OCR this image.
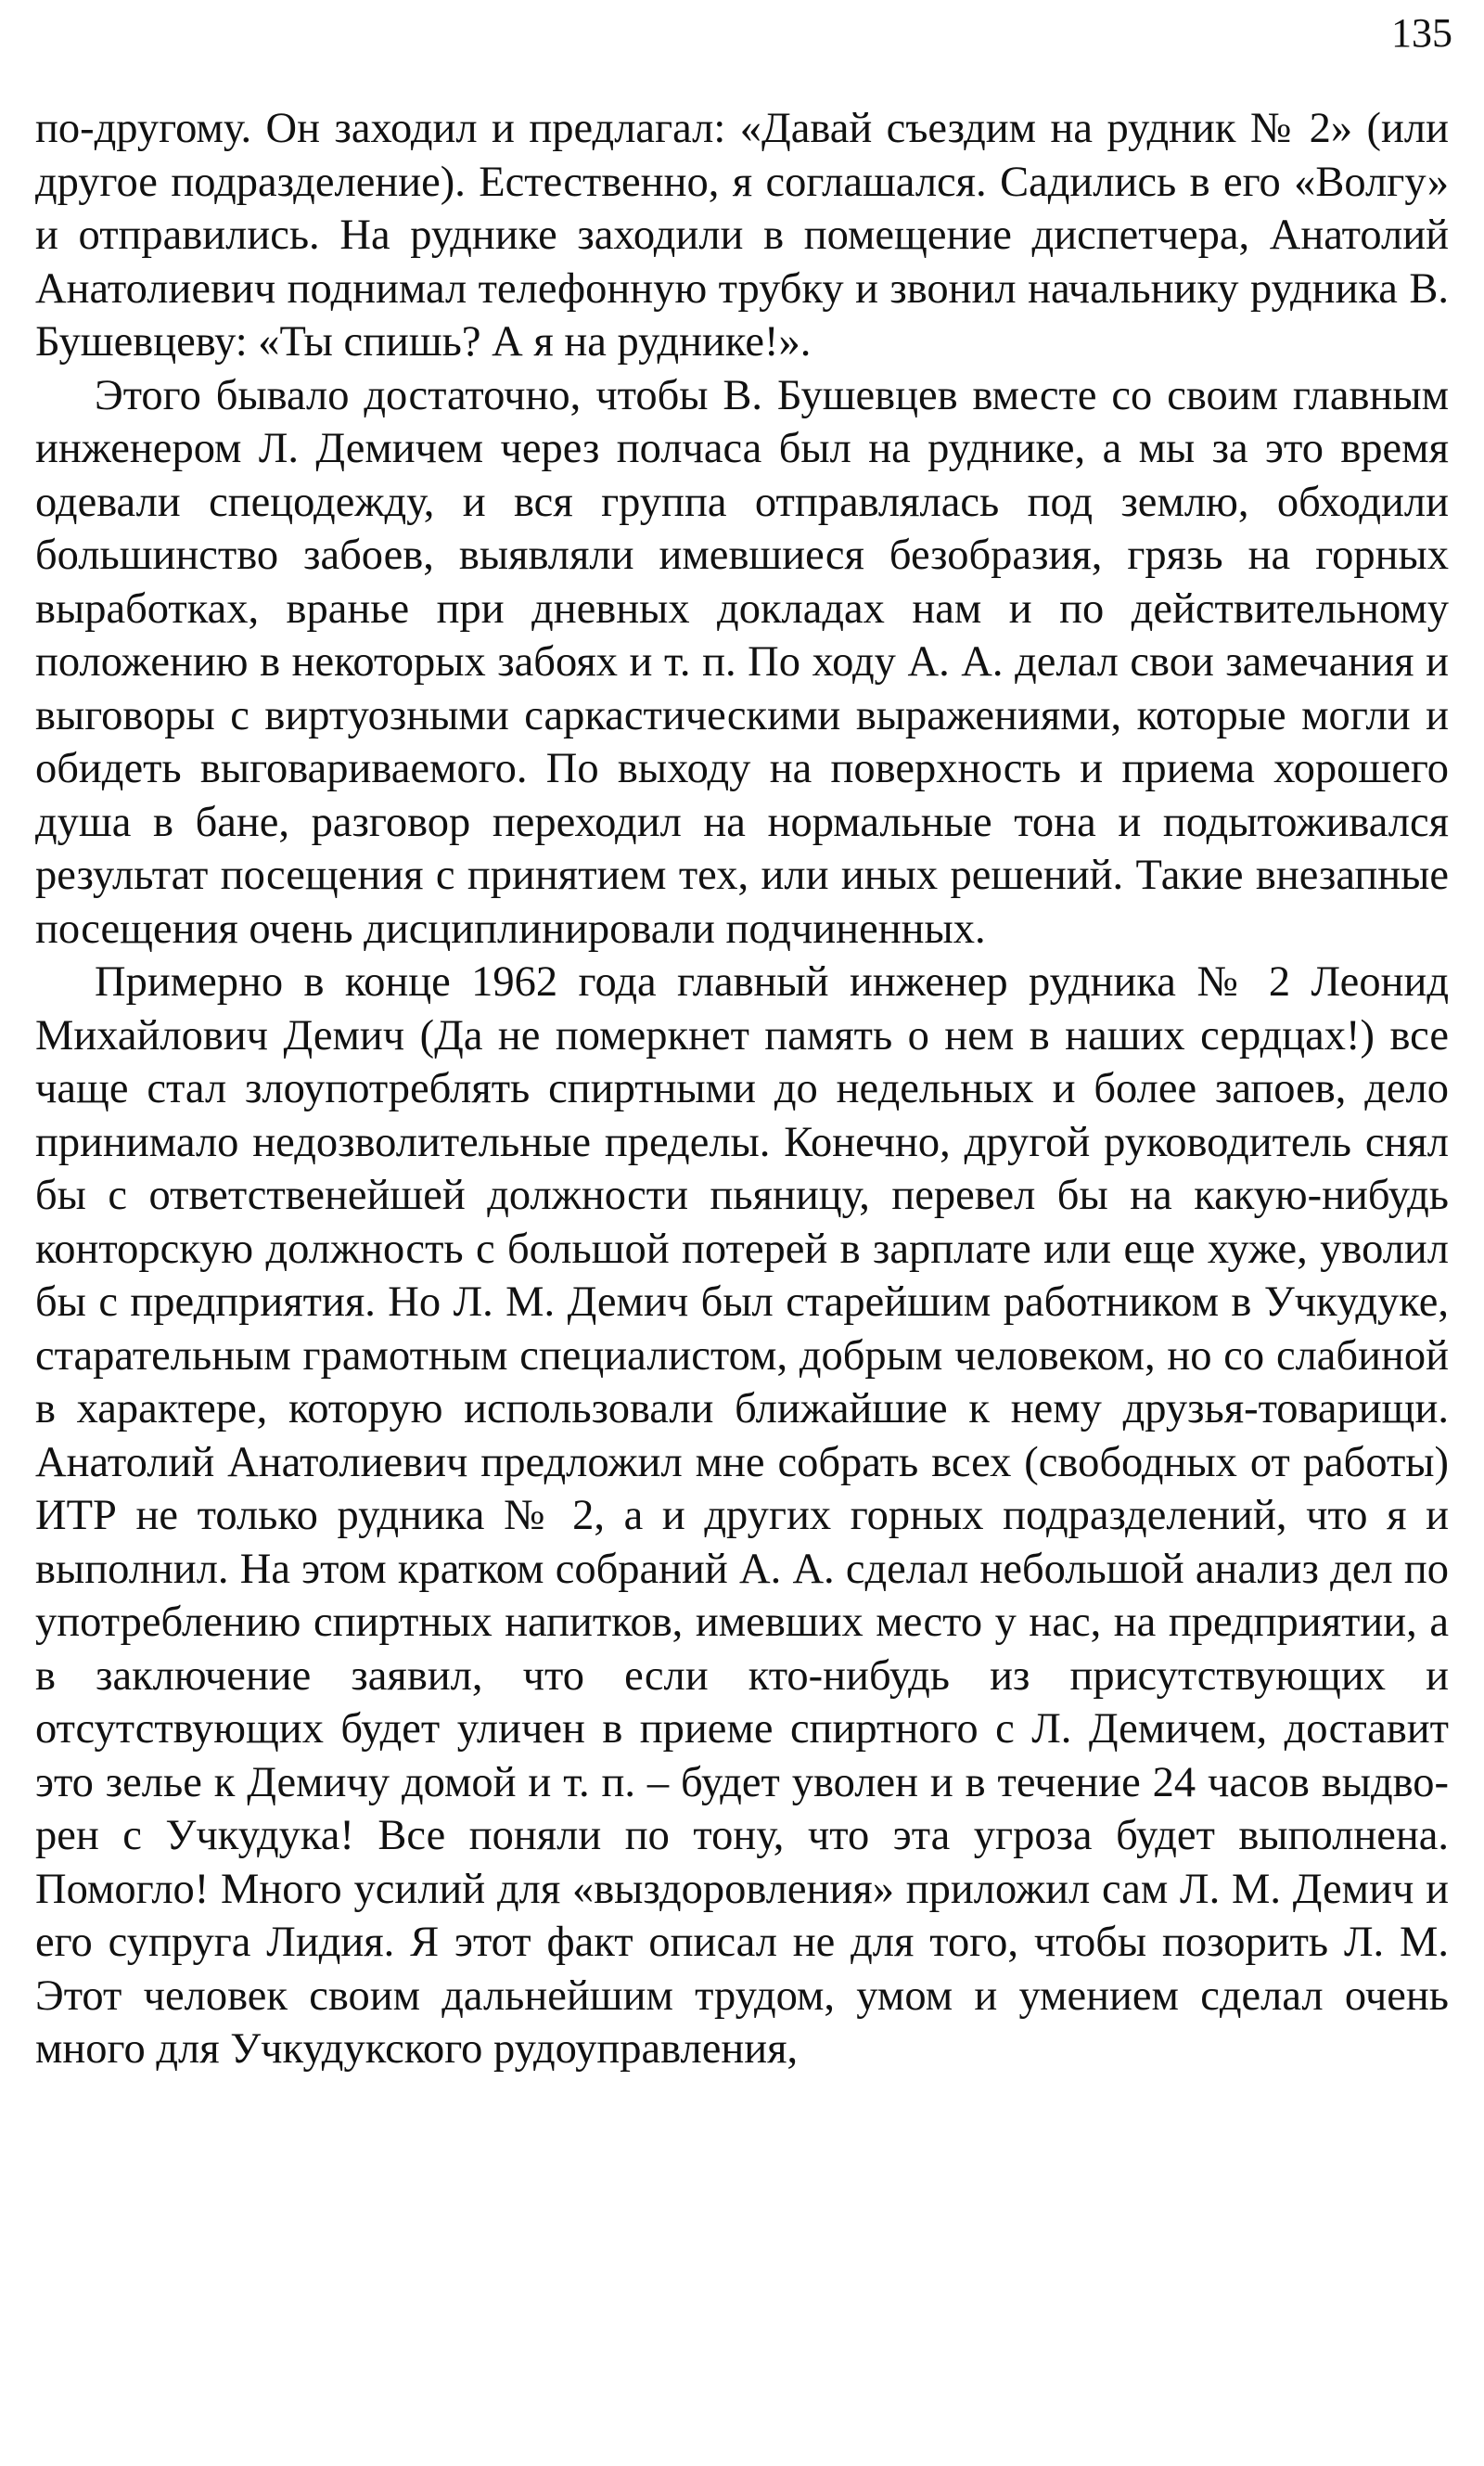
135

по-другому. Он заходил и предлагал: «Давай съездим на рудник № 2» (или другое подразделение). Естественно, я соглашался. Садились в его «Волгу» и отправились. На руднике заходили в помещение диспетчера, Анатолий Анатолиевич поднимал телефонную трубку и звонил начальнику рудника В. Бушевцеву: «Ты спишь? А я на руднике!».

Этого бывало достаточно, чтобы В. Бушевцев вместе со своим главным инженером Л. Демичем через полчаса был на руднике, а мы за это время одевали спецодежду, и вся группа отправлялась под землю, обходили большинство забоев, выявляли имевшиеся безобразия, грязь на горных выработках, вранье при дневных докладах нам и по действительному положению в некоторых забоях и т. п. По ходу А. А. делал свои замечания и выговоры с виртуозными саркастическими выражениями, которые могли и обидеть выговариваемого. По выходу на поверхность и приема хорошего душа в бане, разговор переходил на нормальные тона и подытоживался результат посещения с принятием тех, или иных решений. Такие внезапные посещения очень дисциплинировали подчиненных.

Примерно в конце 1962 года главный инженер рудника № 2 Леонид Михайлович Демич (Да не померкнет память о нем в наших сердцах!) все чаще стал злоупотреблять спиртными до недельных и более запоев, дело принимало недозволительные пределы. Конечно, другой руководитель снял бы с ответственейшей должности пьяницу, перевел бы на какую-нибудь конторскую должность с большой потерей в зарплате или еще хуже, уволил бы с предприятия. Но Л. М. Демич был старейшим работником в Учкудуке, старательным грамотным специалистом, добрым человеком, но со слабиной в характере, которую использовали ближайшие к нему друзья-товарищи. Анатолий Анатолиевич предложил мне собрать всех (свободных от работы) ИТР не только рудника № 2, а и других горных подразделений, что я и выполнил. На этом кратком собраний А. А. сделал небольшой анализ дел по употреблению спиртных напитков, имевших место у нас, на предприятии, а в заключение заявил, что если кто-нибудь из присутствующих и отсутствующих будет уличен в приеме спиртного с Л. Демичем, доставит это зелье к Демичу домой и т. п. – будет уволен и в течение 24 часов выдворен с Учкудука! Все поняли по тону, что эта угроза будет выполнена. Помогло! Много усилий для «выздоровления» приложил сам Л. М. Демич и его супруга Лидия. Я этот факт описал не для того, чтобы позорить Л. М. Этот человек своим дальнейшим трудом, умом и умением сделал очень много для Учкудукского рудоуправления,
